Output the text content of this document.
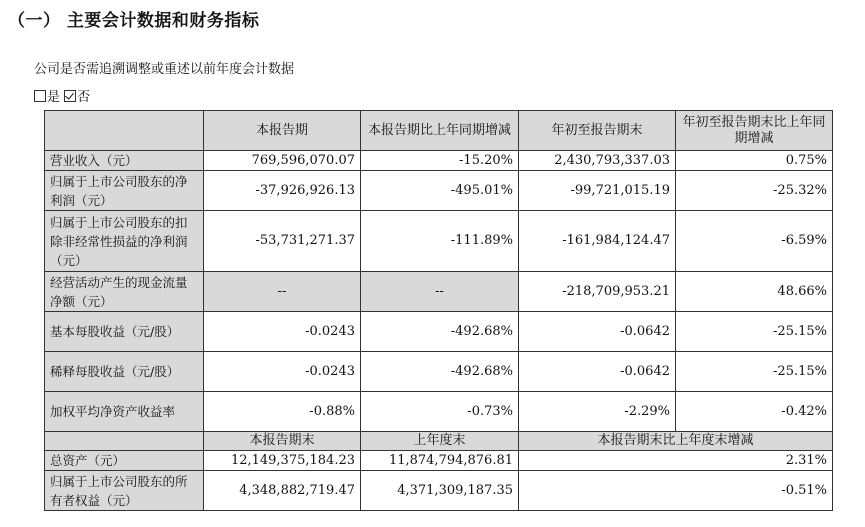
（一） 主要会计数据和财务指标
公司是否需追溯调整或重述以前年度会计数据
是 否
	本报告期	本报告期比上年同期增减	年初至报告期末	年初至报告期末比上年同期增减
营业收入（元）	769,596,070.07	-15.20%	2,430,793,337.03	0.75%
归属于上市公司股东的净利润（元）	-37,926,926.13	-495.01%	-99,721,015.19	-25.32%
归属于上市公司股东的扣除非经常性损益的净利润（元）	-53,731,271.37	-111.89%	-161,984,124.47	-6.59%
经营活动产生的现金流量净额（元）	--	--	-218,709,953.21	48.66%
基本每股收益（元/股）	-0.0243	-492.68%	-0.0642	-25.15%
稀释每股收益（元/股）	-0.0243	-492.68%	-0.0642	-25.15%
加权平均净资产收益率	-0.88%	-0.73%	-2.29%	-0.42%
	本报告期末	上年度末	本报告期末比上年度末增减	
总资产（元）	12,149,375,184.23	11,874,794,876.81	2.31%	
归属于上市公司股东的所有者权益（元）	4,348,882,719.47	4,371,309,187.35	-0.51%	
